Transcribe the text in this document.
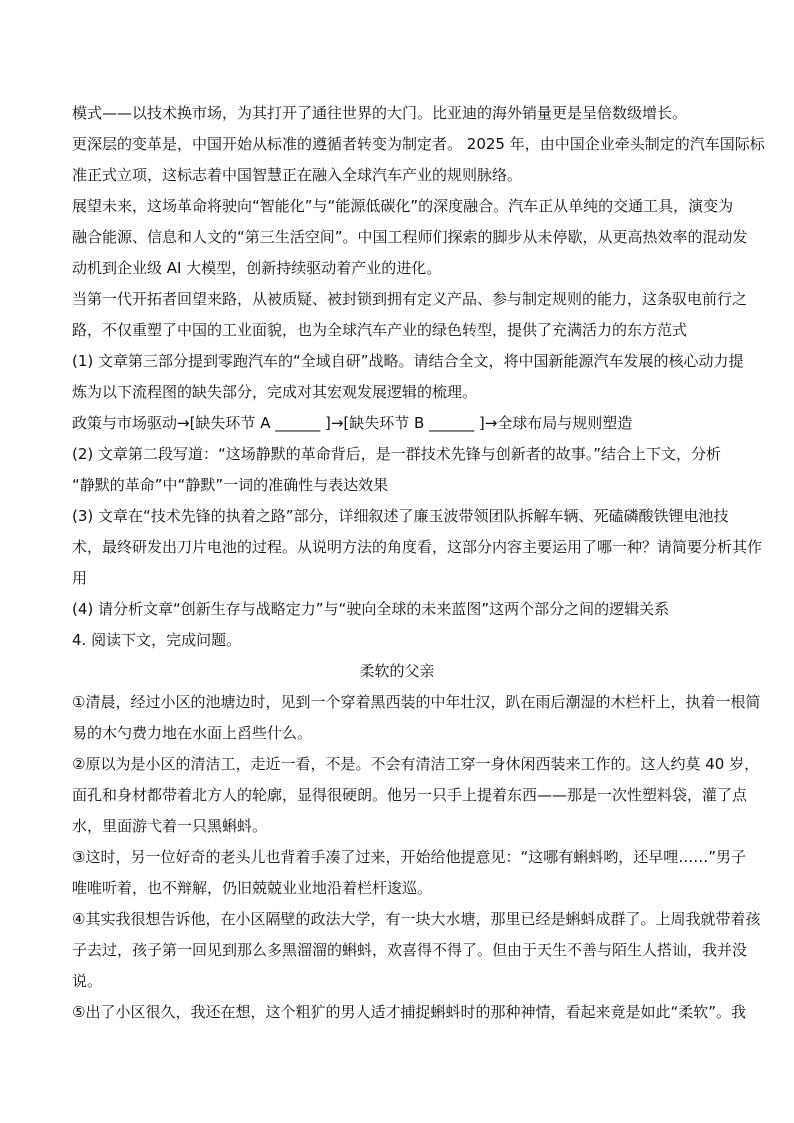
模式——以技术换市场，为其打开了通往世界的大门。比亚迪的海外销量更是呈倍数级增长。
更深层的变革是，中国开始从标准的遵循者转变为制定者。 2025 年，由中国企业牵头制定的汽车国际标
准正式立项，这标志着中国智慧正在融入全球汽车产业的规则脉络。
展望未来，这场革命将驶向“智能化”与“能源低碳化”的深度融合。汽车正从单纯的交通工具，演变为
融合能源、信息和人文的“第三生活空间”。中国工程师们探索的脚步从未停歇，从更高热效率的混动发
动机到企业级 AI 大模型，创新持续驱动着产业的进化。
当第一代开拓者回望来路，从被质疑、被封锁到拥有定义产品、参与制定规则的能力，这条驭电前行之
路，不仅重塑了中国的工业面貌，也为全球汽车产业的绿色转型，提供了充满活力的东方范式
(1) 文章第三部分提到零跑汽车的“全域自研”战略。请结合全文，将中国新能源汽车发展的核心动力提
炼为以下流程图的缺失部分，完成对其宏观发展逻辑的梳理。
政策与市场驱动→[缺失环节 A ______ ]→[缺失环节 B ______ ]→全球布局与规则塑造
(2) 文章第二段写道：“这场静默的革命背后，是一群技术先锋与创新者的故事。”结合上下文，分析
“静默的革命”中“静默”一词的准确性与表达效果
(3) 文章在“技术先锋的执着之路”部分，详细叙述了廉玉波带领团队拆解车辆、死磕磷酸铁锂电池技
术，最终研发出刀片电池的过程。从说明方法的角度看，这部分内容主要运用了哪一种？请简要分析其作
用
(4) 请分析文章“创新生存与战略定力”与“驶向全球的未来蓝图”这两个部分之间的逻辑关系
4. 阅读下文，完成问题。
柔软的父亲
①清晨，经过小区的池塘边时，见到一个穿着黑西装的中年壮汉，趴在雨后潮湿的木栏杆上，执着一根简
易的木勺费力地在水面上舀些什么。
②原以为是小区的清洁工，走近一看，不是。不会有清洁工穿一身休闲西装来工作的。这人约莫 40 岁，
面孔和身材都带着北方人的轮廓，显得很硬朗。他另一只手上提着东西——那是一次性塑料袋，灌了点
水，里面游弋着一只黑蝌蚪。
③这时，另一位好奇的老头儿也背着手凑了过来，开始给他提意见：“这哪有蝌蚪哟，还早哩……”男子
唯唯听着，也不辩解，仍旧兢兢业业地沿着栏杆逡巡。
④其实我很想告诉他，在小区隔壁的政法大学，有一块大水塘，那里已经是蝌蚪成群了。上周我就带着孩
子去过，孩子第一回见到那么多黑溜溜的蝌蚪，欢喜得不得了。但由于天生不善与陌生人搭讪，我并没
说。
⑤出了小区很久，我还在想，这个粗犷的男人适才捕捉蝌蚪时的那种神情，看起来竟是如此“柔软”。我
